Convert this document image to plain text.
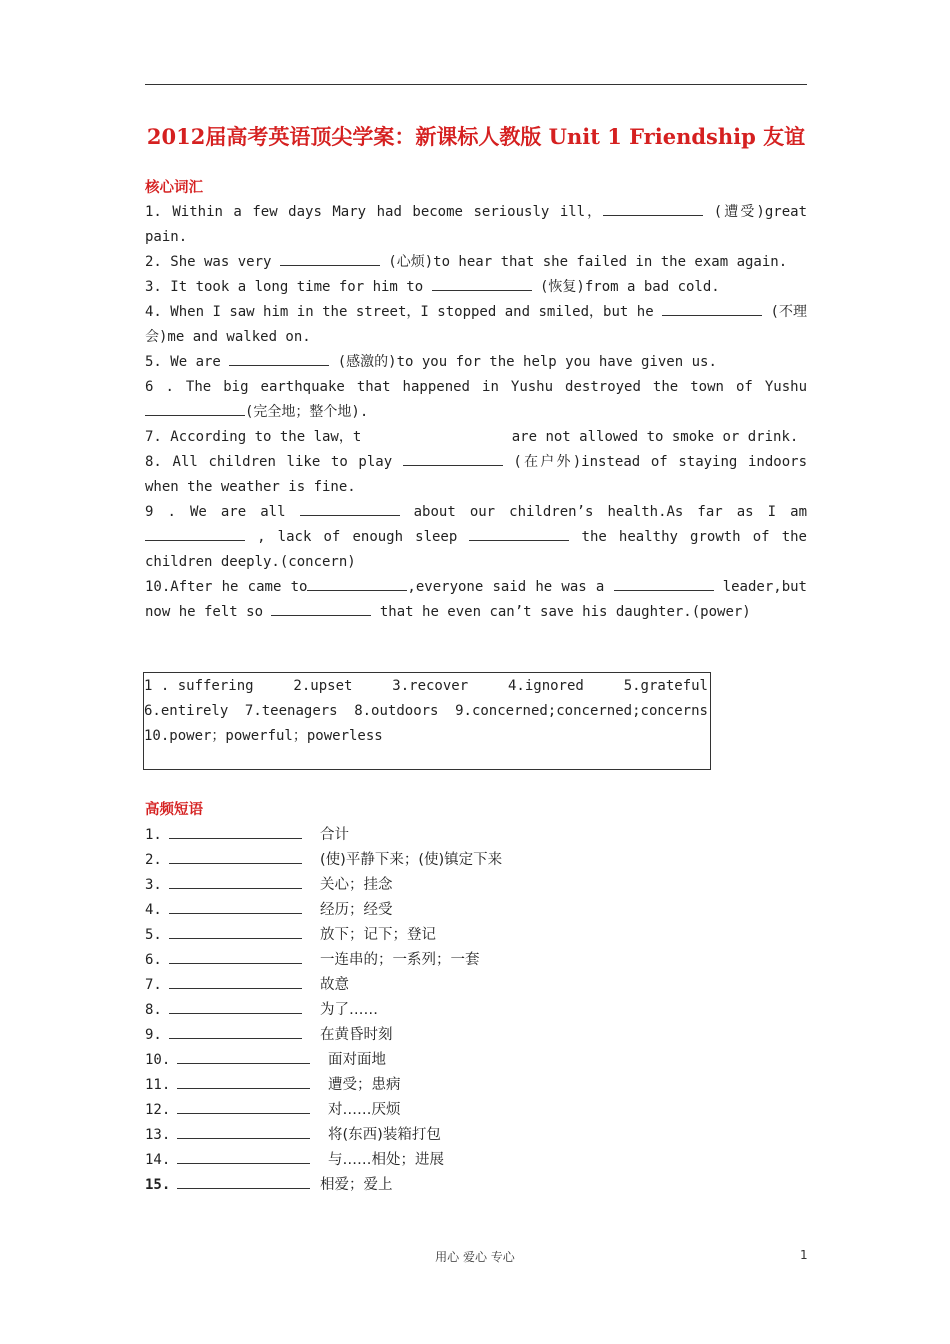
2012届高考英语顶尖学案：新课标人教版 Unit 1 Friendship 友谊
核心词汇

1. Within a few days Mary had become seriously ill，	(遭受)great pain.

2. She was very	(心烦)to hear that she failed in the exam again.

3. It took a long time for him to	(恢复)from a bad cold.

4. When I saw him in the street，I stopped and smiled，but he	(不理会)me and walked on.

5. We are	(感激的)to you for the help you have given us.

6 . The big earthquake that happened in Yushu destroyed the town of Yushu (完全地；整个地).

7. According to the law，t	are not allowed to smoke or drink.

8. All children like to play	(在户外)instead of staying indoors when the weather is fine.

9 . We are all	about our children’s health.As far as I am  , lack of enough sleep	the healthy growth of the children deeply.(concern)

10.After he came to	,everyone said he was a	leader,but now he felt so	that he even can’t save his daughter.(power)

1 . suffering	2.upset	3.recover	4.ignored	5.grateful
6.entirely 7.teenagers 8.outdoors 9.concerned;concerned;concerns
10.power；powerful；powerless
高频短语
1.	合计
2.	(使)平静下来；(使)镇定下来
3.	关心；挂念
4.	经历；经受
5.	放下；记下；登记
6.	一连串的；一系列；一套
7.	故意
8.	为了……
9.	在黄昏时刻
10.	面对面地
11.	遭受；患病
12.	对……厌烦
13.	将(东西)装箱打包
14.	与……相处；进展
15.	相爱；爱上
用心 爱心 专心	1
